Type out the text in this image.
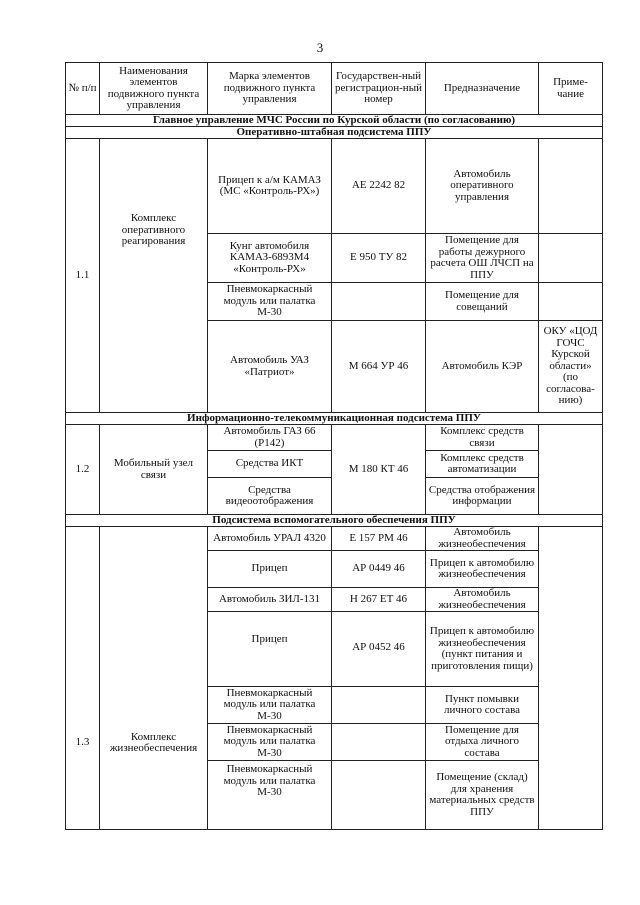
3
№ п/п	Наименования элементов подвижного пункта управления	Марка элементов подвижного пункта управления	Государствен-ный регистрацион-ный номер	Предназначение	Приме-чание
Главное управление МЧС России по Курской области (по согласованию)					
Оперативно-штабная подсистема ППУ					
1.1	Комплекс оперативного реагирования	Прицеп к а/м КАМАЗ (МС «Контроль-РХ»)	АЕ 2242 82	Автомобиль оперативного управления	
		Кунг автомобиля КАМАЗ-6893М4 «Контроль-РХ»	Е 950 ТУ 82	Помещение для работы дежурного расчета ОШ ЛЧСП на ППУ	
		Пневмокаркасный модуль или палатка М-30		Помещение для совещаний	
		Автомобиль УАЗ «Патриот»	М 664 УР 46	Автомобиль КЭР	ОКУ «ЦОД ГОЧС Курской области» (по согласова-нию)
Информационно-телекоммуникационная подсистема ППУ					
1.2	Мобильный узел связи	Автомобиль ГАЗ 66 (Р142)	М 180 КТ 46	Комплекс средств связи	
		Средства ИКТ		Комплекс средств автоматизации	
		Средства видеоотображения		Средства отображения информации	
Подсистема вспомогательного обеспечения ППУ					
1.3	Комплекс жизнеобеспечения	Автомобиль УРАЛ 4320	Е 157 РМ 46	Автомобиль жизнеобеспечения	
		Прицеп	АР 0449 46	Прицеп к автомобилю жизнеобеспечения	
		Автомобиль ЗИЛ-131	Н 267 ЕТ 46	Автомобиль жизнеобеспечения	
		Прицеп	АР 0452 46	Прицеп к автомобилю жизнеобеспечения (пункт питания и приготовления пищи)	
		Пневмокаркасный модуль или палатка М-30		Пункт помывки личного состава	
		Пневмокаркасный модуль или палатка М-30		Помещение для отдыха личного состава	
		Пневмокаркасный модуль или палатка М-30		Помещение (склад) для хранения материальных средств ППУ	
